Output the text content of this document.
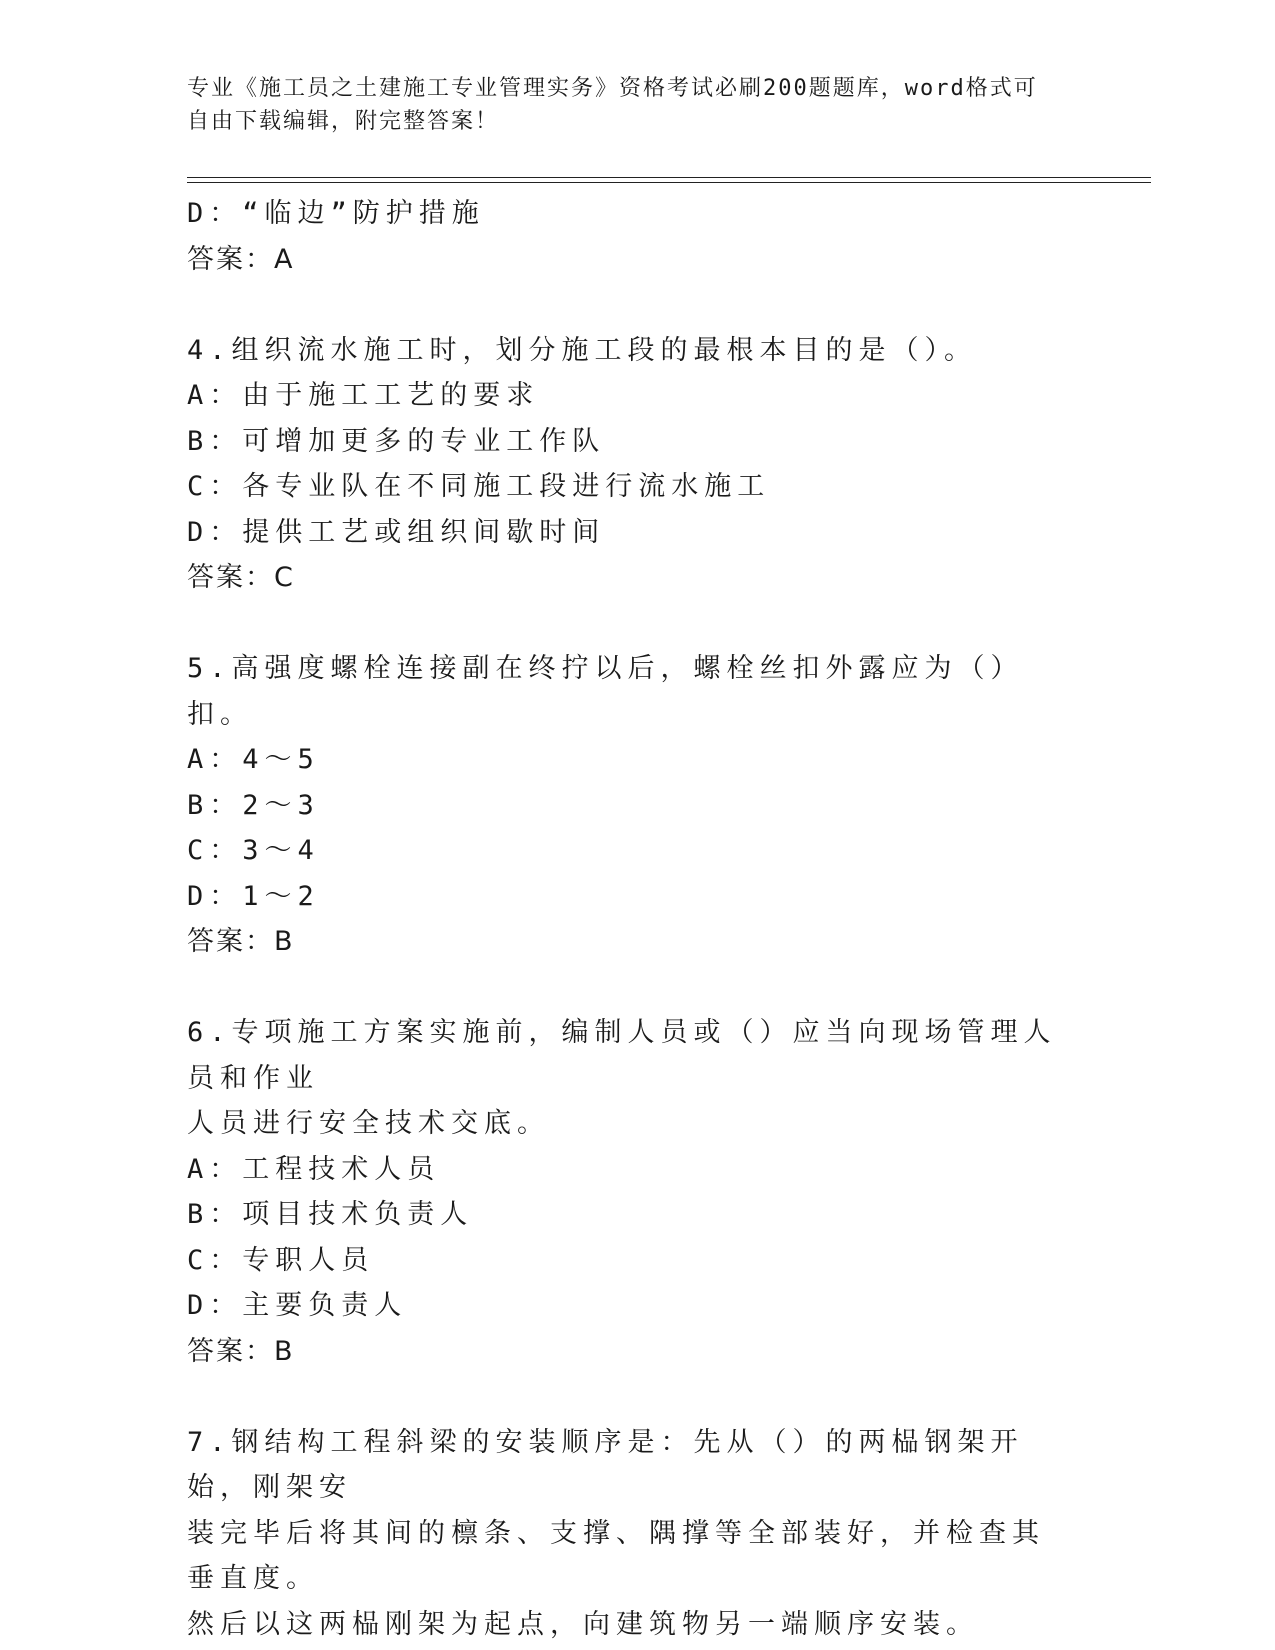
专业《施工员之土建施工专业管理实务》资格考试必刷200题题库，word格式可
自由下载编辑，附完整答案！
D：“临边”防护措施
答案：A
4.组织流水施工时，划分施工段的最根本目的是（）。
A：由于施工工艺的要求
B：可增加更多的专业工作队
C：各专业队在不同施工段进行流水施工
D：提供工艺或组织间歇时间
答案：C
5.高强度螺栓连接副在终拧以后，螺栓丝扣外露应为（）扣。
A：4～5
B：2～3
C：3～4
D：1～2
答案：B
6.专项施工方案实施前，编制人员或（）应当向现场管理人员和作业
人员进行安全技术交底。
A：工程技术人员
B：项目技术负责人
C：专职人员
D：主要负责人
答案：B
7.钢结构工程斜梁的安装顺序是：先从（）的两榀钢架开始，刚架安
装完毕后将其间的檩条、支撑、隅撑等全部装好，并检查其垂直度。
然后以这两榀刚架为起点，向建筑物另一端顺序安装。
